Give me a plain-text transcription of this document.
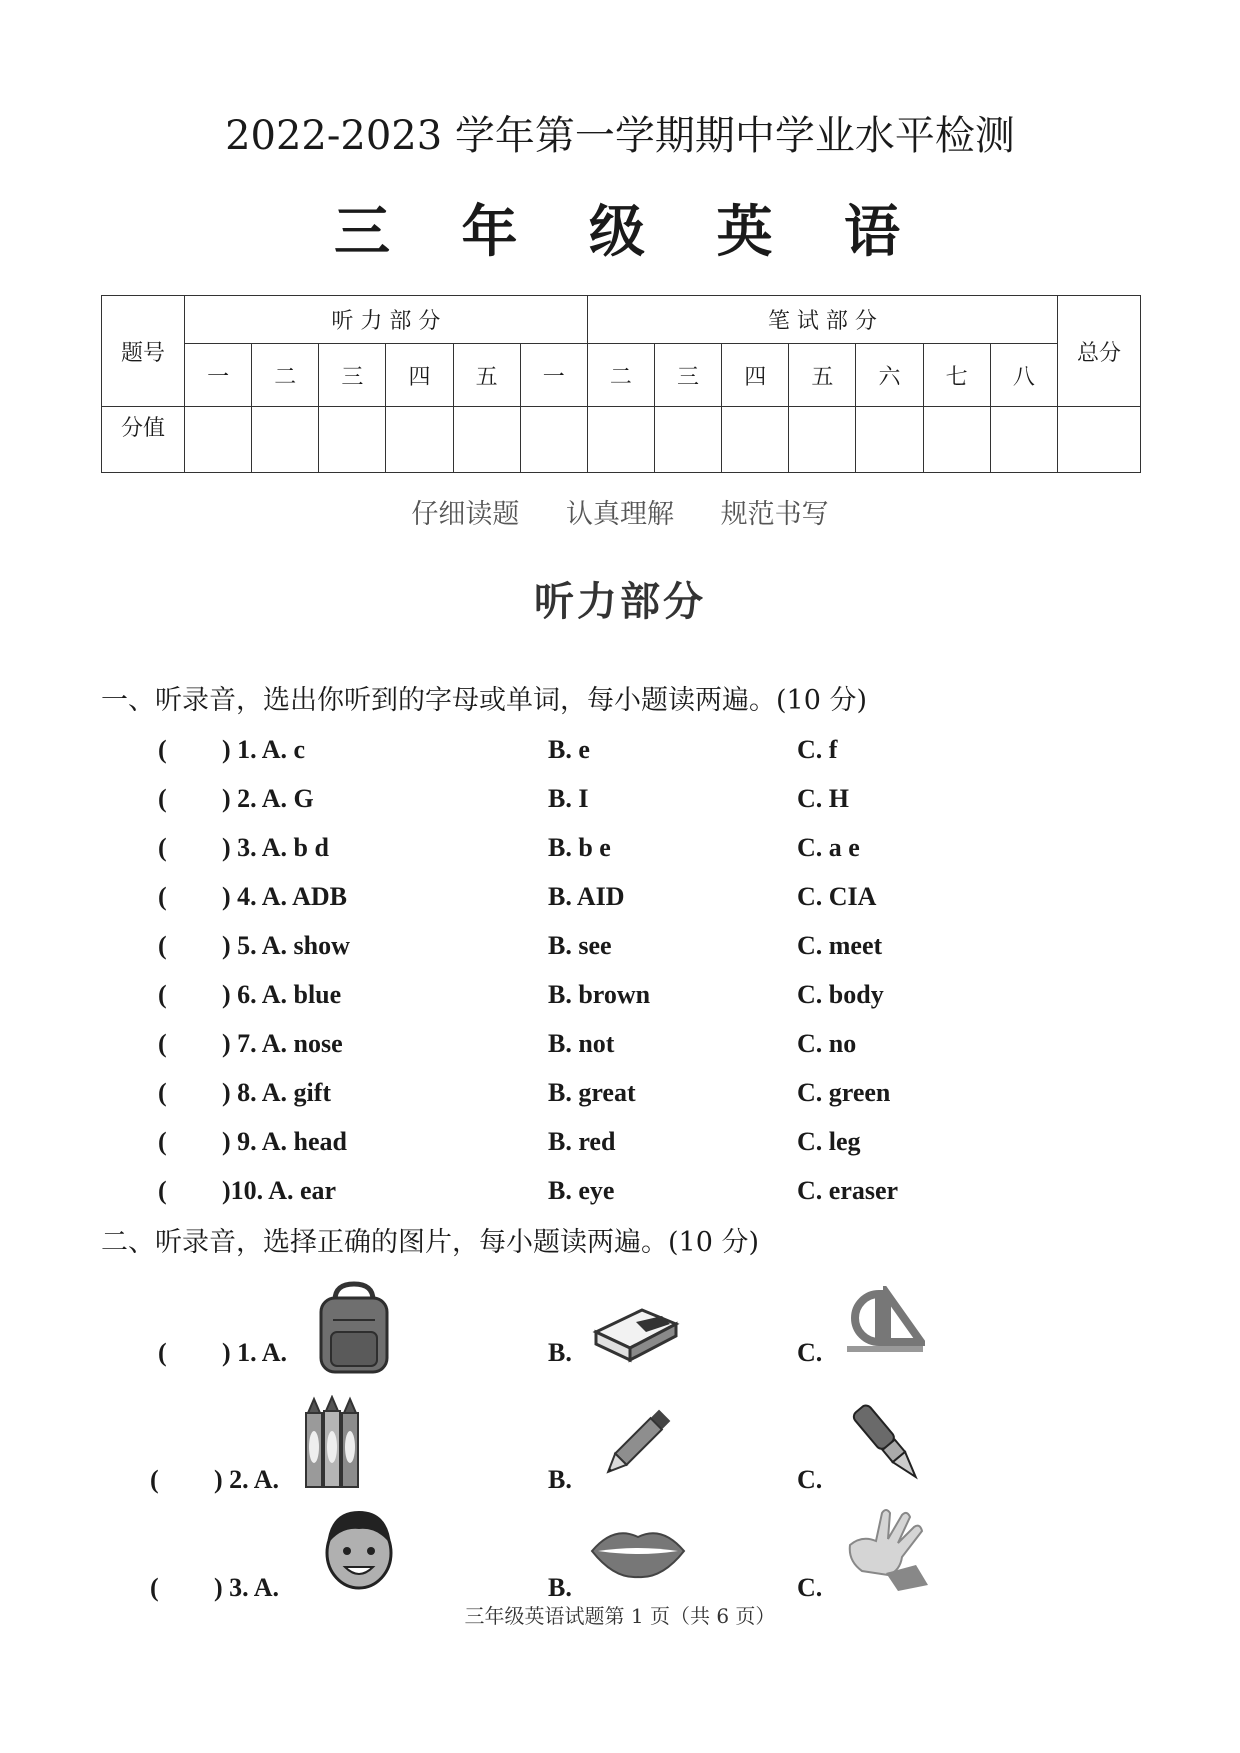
2022-2023 学年第一学期期中学业水平检测
三 年 级 英 语
题号	听 力 部 分						笔 试 部 分							总分
	一	二	三	四	五	一	二	三	四	五	六	七	八	
分值														
仔细读题 认真理解 规范书写
听力部分
一、听录音，选出你听到的字母或单词，每小题读两遍。(10 分)
( ) 1. A. c	B. e	C. f
( ) 2. A. G	B. I	C. H
( ) 3. A. b d	B. b e	C. a e
( ) 4. A. ADB	B. AID	C. CIA
( ) 5. A. show	B. see	C. meet
( ) 6. A. blue	B. brown	C. body
( ) 7. A. nose	B. not	C. no
( ) 8. A. gift	B. great	C. green
( ) 9. A. head	B. red	C. leg
( )10. A. ear	B. eye	C. eraser
二、听录音，选择正确的图片，每小题读两遍。(10 分)
( ) 1. A.	B.	C.
( ) 2. A.	B.	C.
( ) 3. A.	B.	C.
三年级英语试题第 1 页（共 6 页）
